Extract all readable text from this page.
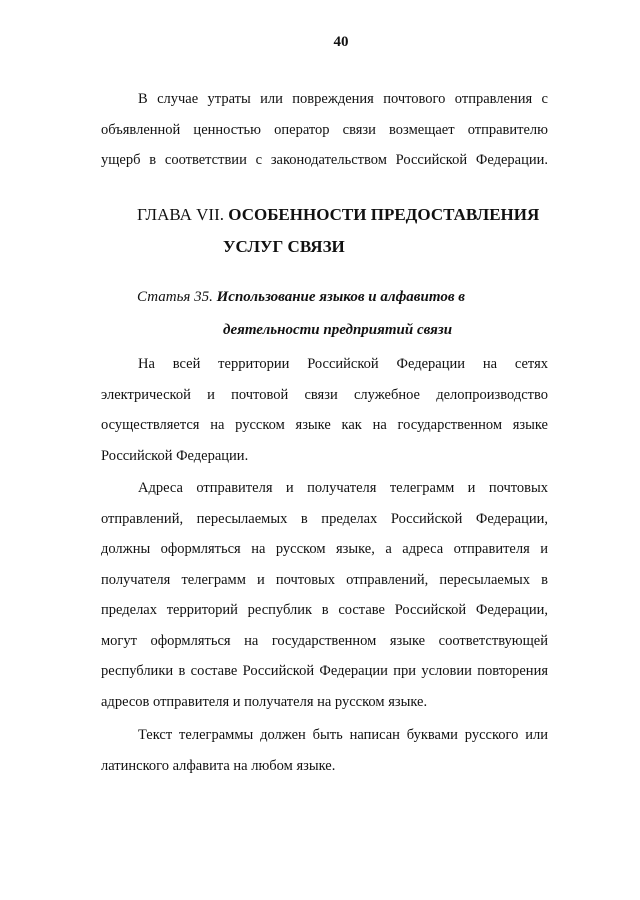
40
В случае утраты или повреждения почтового отправления с
объявленной ценностью оператор связи возмещает отправителю
ущерб в соответствии с законодательством Российской Федерации.
ГЛАВА VII. ОСОБЕННОСТИ ПРЕДОСТАВЛЕНИЯ
УСЛУГ СВЯЗИ
Статья 35. Использование языков и алфавитов в
деятельности предприятий связи
На всей территории Российской Федерации на сетях
электрической и почтовой связи служебное делопроизводство
осуществляется на русском языке как на государственном языке
Российской Федерации.
Адреса отправителя и получателя телеграмм и почтовых
отправлений, пересылаемых в пределах Российской Федерации,
должны оформляться на русском языке, а адреса отправителя и
получателя телеграмм и почтовых отправлений, пересылаемых в
пределах территорий республик в составе Российской Федерации,
могут оформляться на государственном языке соответствующей
республики в составе Российской Федерации при условии повторения
адресов отправителя и получателя на русском языке.
Текст телеграммы должен быть написан буквами русского или
латинского алфавита на любом языке.
